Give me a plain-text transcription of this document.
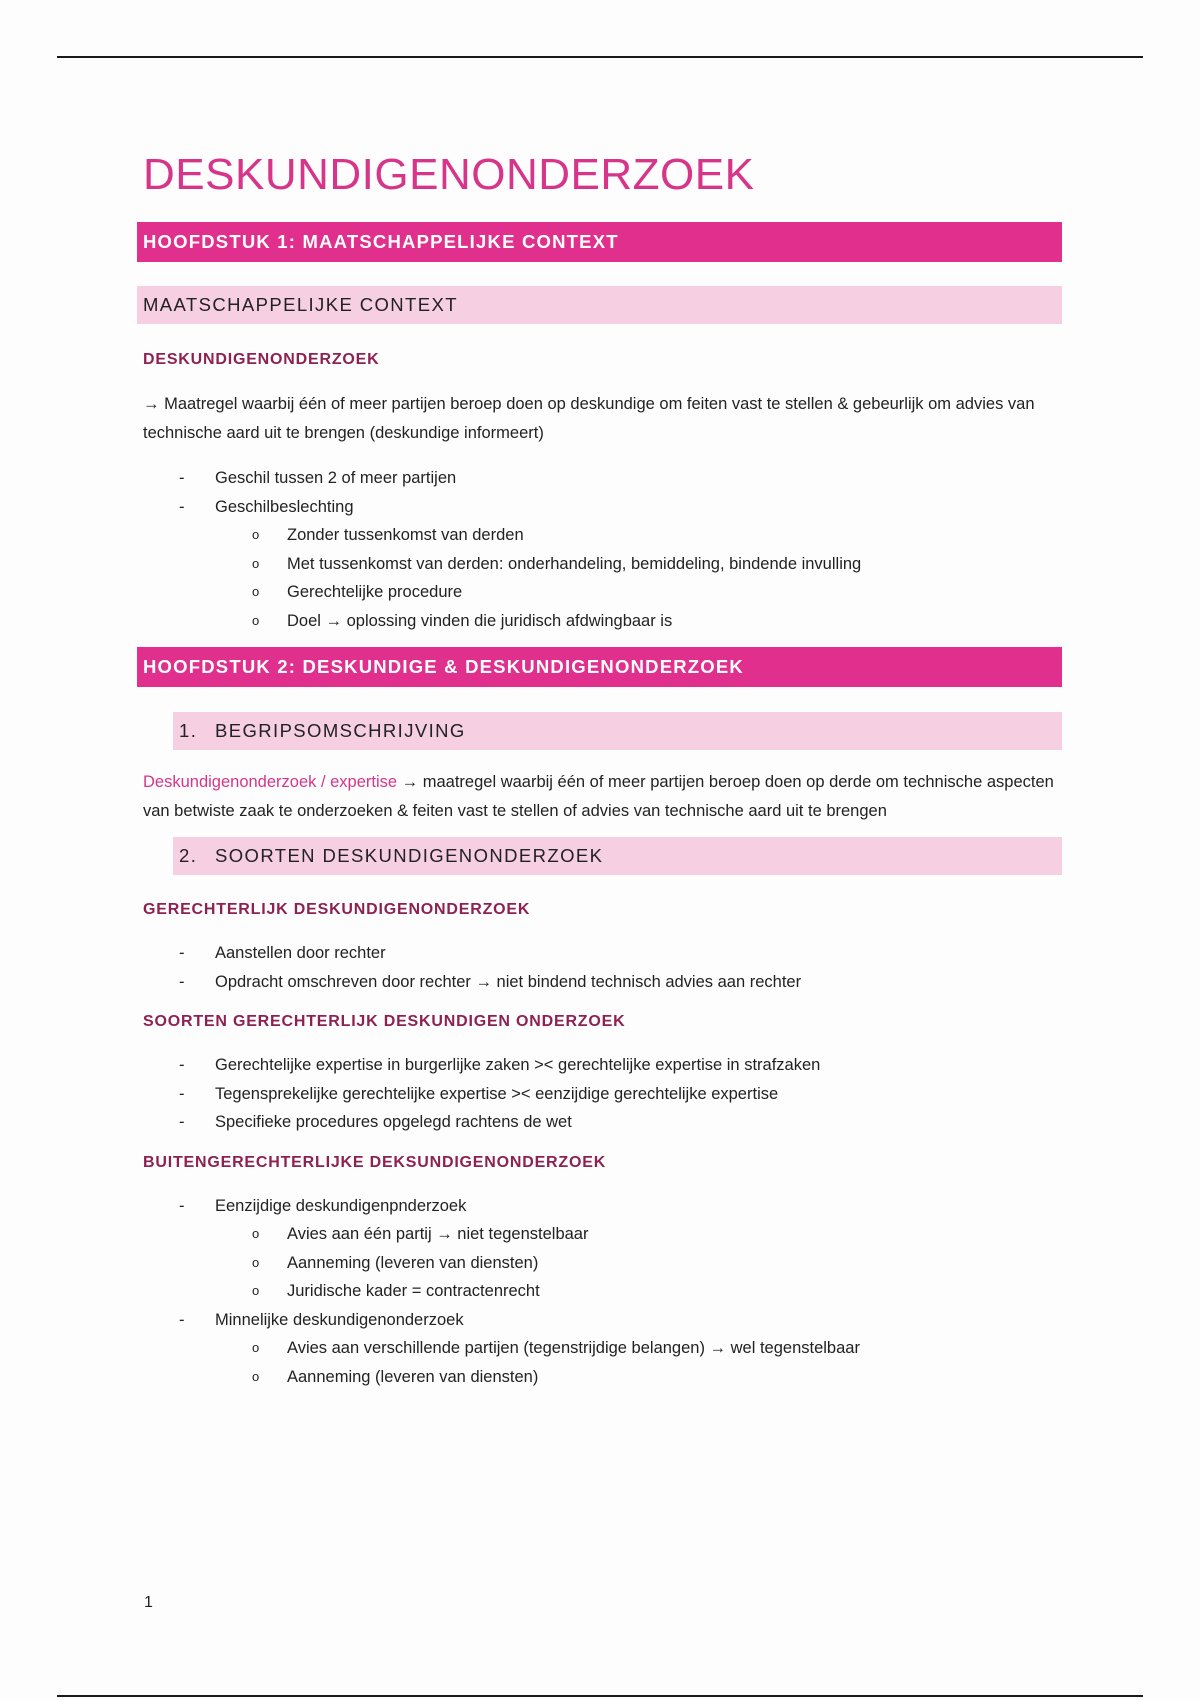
DESKUNDIGENONDERZOEK
HOOFDSTUK 1: MAATSCHAPPELIJKE CONTEXT
MAATSCHAPPELIJKE CONTEXT
DESKUNDIGENONDERZOEK
→ Maatregel waarbij één of meer partijen beroep doen op deskundige om feiten vast te stellen & gebeurlijk om advies van technische aard uit te brengen (deskundige informeert)
- Geschil tussen 2 of meer partijen
- Geschilbeslechting
o Zonder tussenkomst van derden
o Met tussenkomst van derden: onderhandeling, bemiddeling, bindende invulling
o Gerechtelijke procedure
o Doel → oplossing vinden die juridisch afdwingbaar is
HOOFDSTUK 2: DESKUNDIGE & DESKUNDIGENONDERZOEK
1. BEGRIPSOMSCHRIJVING
Deskundigenonderzoek / expertise → maatregel waarbij één of meer partijen beroep doen op derde om technische aspecten van betwiste zaak te onderzoeken & feiten vast te stellen of advies van technische aard uit te brengen
2. SOORTEN DESKUNDIGENONDERZOEK
GERECHTERLIJK DESKUNDIGENONDERZOEK
- Aanstellen door rechter
- Opdracht omschreven door rechter → niet bindend technisch advies aan rechter
SOORTEN GERECHTERLIJK DESKUNDIGEN ONDERZOEK
- Gerechtelijke expertise in burgerlijke zaken >< gerechtelijke expertise in strafzaken
- Tegensprekelijke gerechtelijke expertise >< eenzijdige gerechtelijke expertise
- Specifieke procedures opgelegd rachtens de wet
BUITENGERECHTERLIJKE DEKSUNDIGENONDERZOEK
- Eenzijdige deskundigenpnderzoek
o Avies aan één partij → niet tegenstelbaar
o Aanneming (leveren van diensten)
o Juridische kader = contractenrecht
- Minnelijke deskundigenonderzoek
o Avies aan verschillende partijen (tegenstrijdige belangen) → wel tegenstelbaar
o Aanneming (leveren van diensten)
1
